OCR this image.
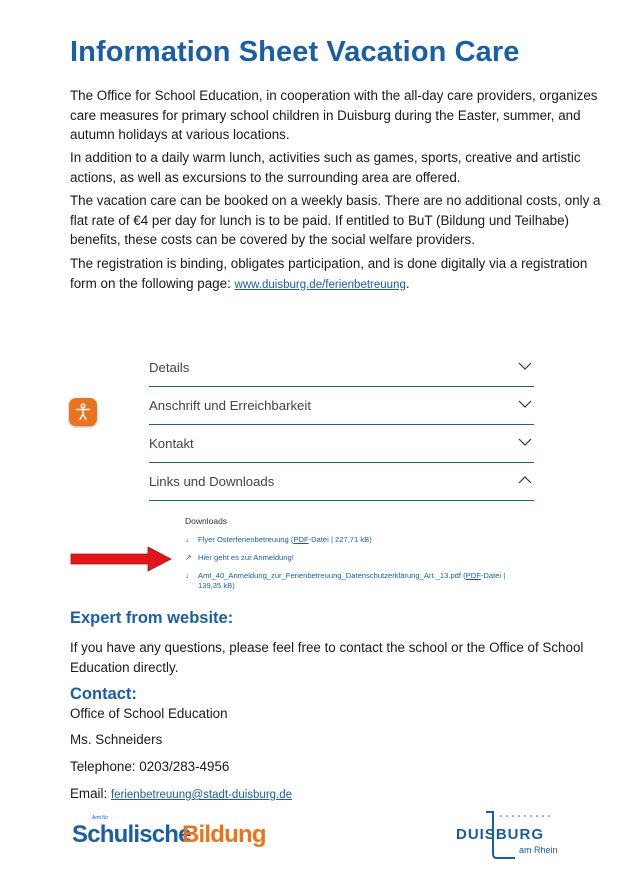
Information Sheet Vacation Care

The Office for School Education, in cooperation with the all-day care providers, organizes care measures for primary school children in Duisburg during the Easter, summer, and autumn holidays at various locations.

In addition to a daily warm lunch, activities such as games, sports, creative and artistic actions, as well as excursions to the surrounding area are offered.

The vacation care can be booked on a weekly basis. There are no additional costs, only a flat rate of €4 per day for lunch is to be paid. If entitled to BuT (Bildung und Teilhabe) benefits, these costs can be covered by the social welfare providers.

The registration is binding, obligates participation, and is done digitally via a registration form on the following page: www.duisburg.de/ferienbetreuung.

Details
Anschrift und Erreichbarkeit
Kontakt
Links und Downloads

Downloads

↓ Flyer Osterferienbetreuung (PDF-Datei | 227,71 kB)
↗ Hier geht es zur Anmeldung!
↓ Amt_40_Anmeldung_zur_Ferienbetreuung_Datenschutzerklärung_Art._13.pdf (PDF-Datei | 139,35 kB)
Expert from website:

If you have any questions, please feel free to contact the school or the Office of School Education directly.

Contact:

Office of School Education

Ms. Schneiders

Telephone: 0203/283-4956

Email: ferienbetreuung@stadt-duisburg.de

Amt für
Schulische
Bildung	DUISBURG
am Rhein
